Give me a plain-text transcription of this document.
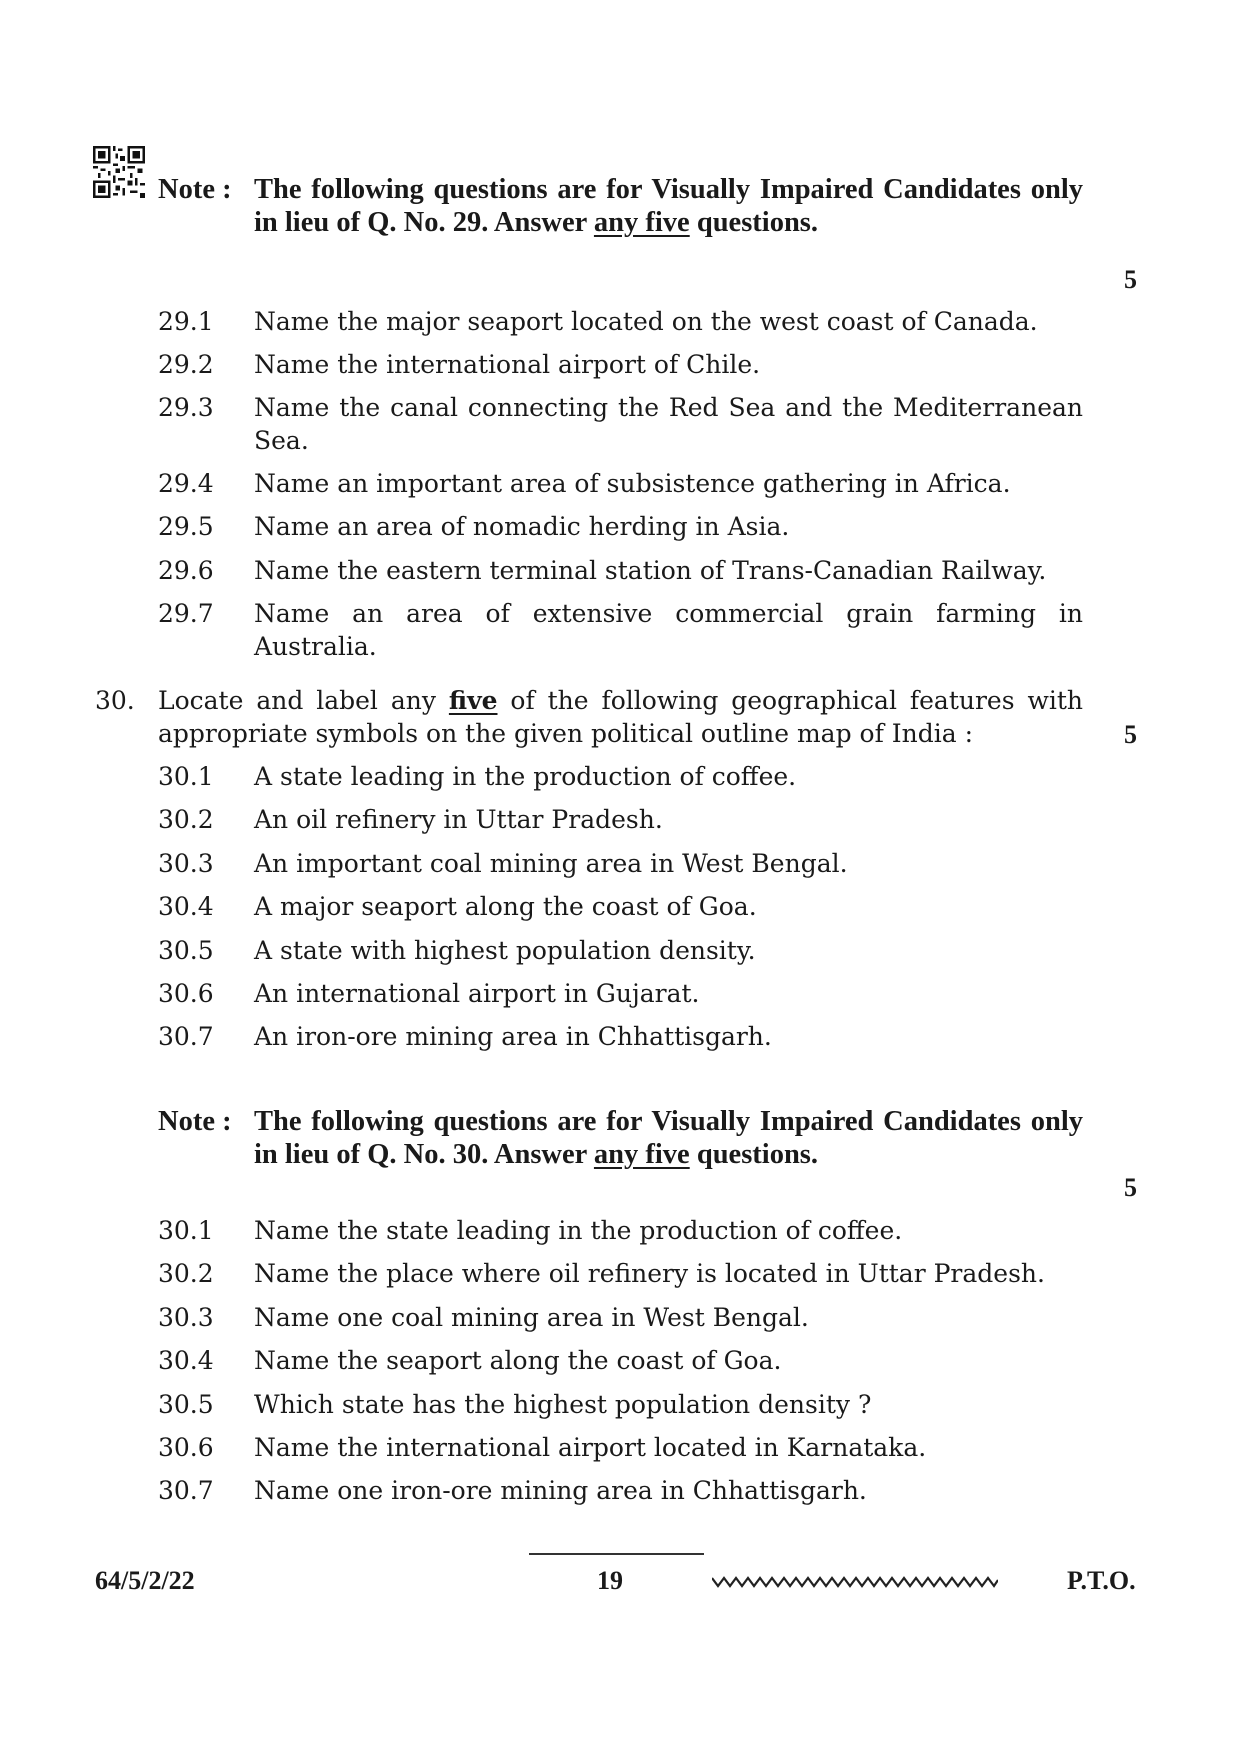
Note : The following questions are for Visually Impaired Candidates only in lieu of Q. No. 29. Answer any five questions.
5
29.1	Name the major seaport located on the west coast of Canada.
29.2	Name the international airport of Chile.
29.3	Name the canal connecting the Red Sea and the Mediterranean Sea.
29.4	Name an important area of subsistence gathering in Africa.
29.5	Name an area of nomadic herding in Asia.
29.6	Name the eastern terminal station of Trans-Canadian Railway.
29.7	Name an area of extensive commercial grain farming in Australia.
30. Locate and label any five of the following geographical features with appropriate symbols on the given political outline map of India :	5
30.1	A state leading in the production of coffee.
30.2	An oil refinery in Uttar Pradesh.
30.3	An important coal mining area in West Bengal.
30.4	A major seaport along the coast of Goa.
30.5	A state with highest population density.
30.6	An international airport in Gujarat.
30.7	An iron-ore mining area in Chhattisgarh.
Note : The following questions are for Visually Impaired Candidates only in lieu of Q. No. 30. Answer any five questions.
5
30.1	Name the state leading in the production of coffee.
30.2	Name the place where oil refinery is located in Uttar Pradesh.
30.3	Name one coal mining area in West Bengal.
30.4	Name the seaport along the coast of Goa.
30.5	Which state has the highest population density ?
30.6	Name the international airport located in Karnataka.
30.7	Name one iron-ore mining area in Chhattisgarh.
64/5/2/22	19	P.T.O.
